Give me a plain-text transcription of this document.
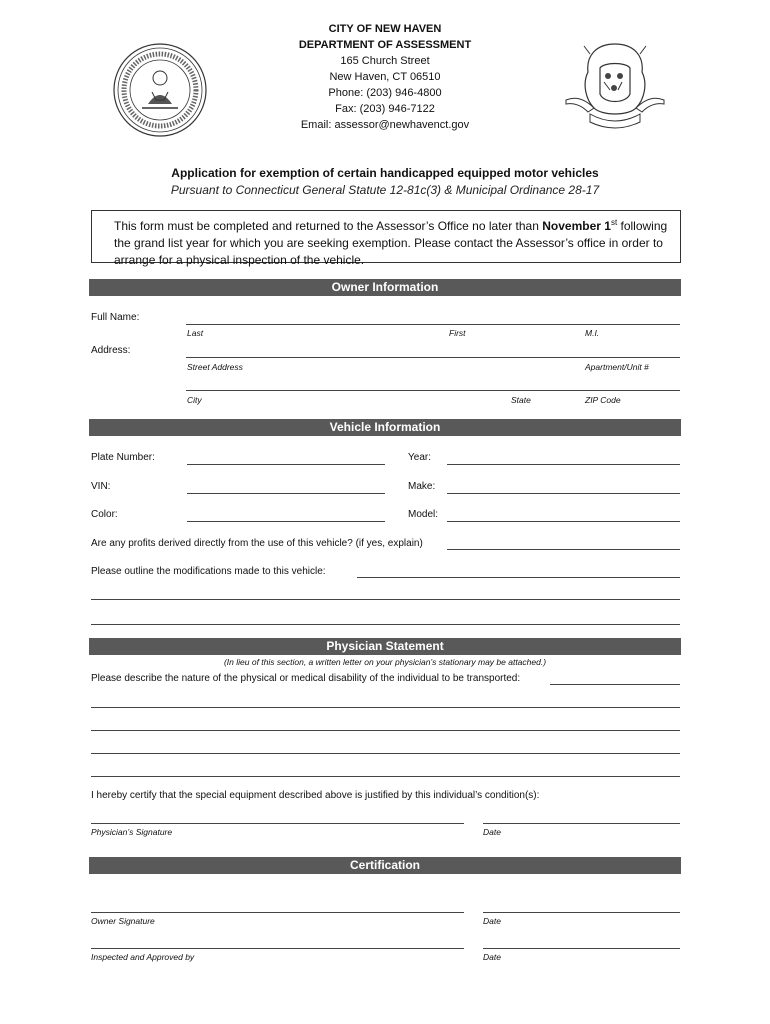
CITY OF NEW HAVEN
DEPARTMENT OF ASSESSMENT
165 Church Street
New Haven, CT 06510
Phone: (203) 946-4800
Fax: (203) 946-7122
Email: assessor@newhavenct.gov
Application for exemption of certain handicapped equipped motor vehicles
Pursuant to Connecticut General Statute 12-81c(3) & Municipal Ordinance 28-17
This form must be completed and returned to the Assessor’s Office no later than November 1st following the grand list year for which you are seeking exemption. Please contact the Assessor’s office in order to arrange for a physical inspection of the vehicle.
Owner Information
Full Name:
Last	First	M.I.
Address:
Street Address	Apartment/Unit #
City	State	ZIP Code
Vehicle Information
Plate Number:	Year:
VIN:	Make:
Color:	Model:
Are any profits derived directly from the use of this vehicle? (if yes, explain)
Please outline the modifications made to this vehicle:
Physician Statement
(In lieu of this section, a written letter on your physician’s stationary may be attached.)
Please describe the nature of the physical or medical disability of the individual to be transported:
I hereby certify that the special equipment described above is justified by this individual’s condition(s):
Physician’s Signature	Date
Certification
Owner Signature	Date
Inspected and Approved by	Date
